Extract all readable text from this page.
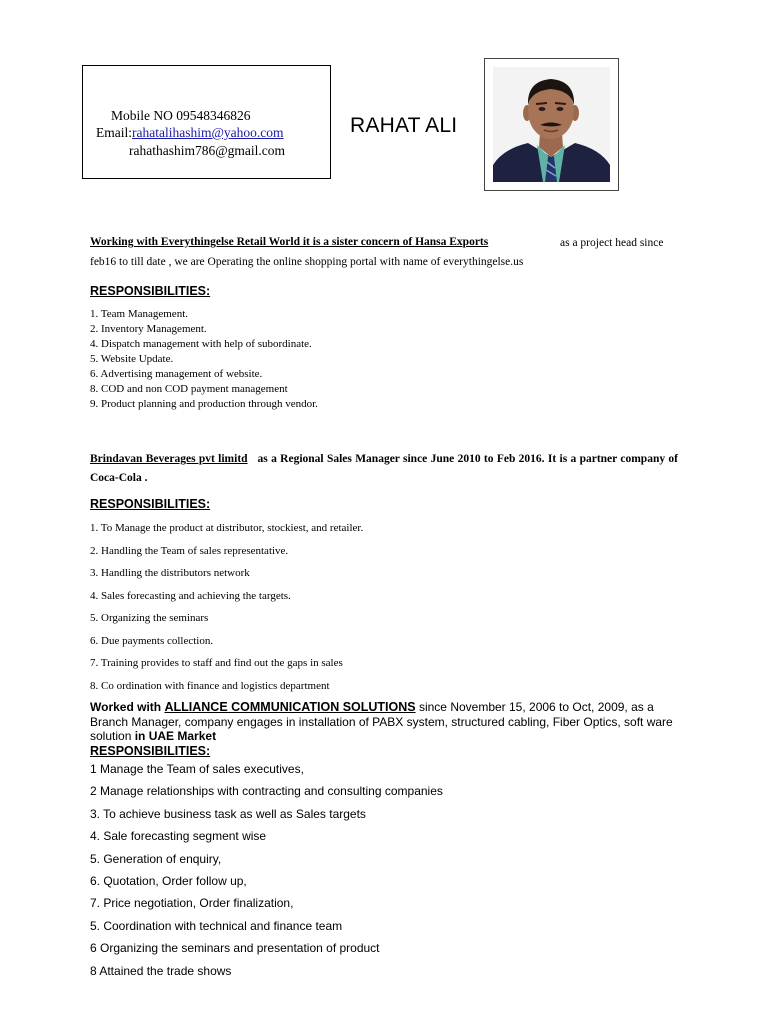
Mobile NO 09548346826
Email:rahatalihashim@yahoo.com
rahathashim786@gmail.com
RAHAT ALI
Working with Everythingelse Retail World it is a sister concern of Hansa Exports	as a project head since
feb16 to till date , we are Operating the online shopping portal with name of everythingelse.us
RESPONSIBILITIES:
1. Team Management.
2. Inventory Management.
4. Dispatch management with help of subordinate.
5. Website Update.
6. Advertising management of website.
8. COD and non COD payment management
9. Product planning and production through vendor.
Brindavan Beverages pvt limitd as a Regional Sales Manager since June 2010 to Feb 2016. It is a partner company of Coca-Cola .
RESPONSIBILITIES:
1. To Manage the product at distributor, stockiest, and retailer.
2. Handling the Team of sales representative.
3. Handling the distributors network
4. Sales forecasting and achieving the targets.
5. Organizing the seminars
6. Due payments collection.
7. Training provides to staff and find out the gaps in sales
8. Co ordination with finance and logistics department
Worked with ALLIANCE COMMUNICATION SOLUTIONS since November 15, 2006 to Oct, 2009, as a Branch Manager, company engages in installation of PABX system, structured cabling, Fiber Optics, soft ware solution in UAE Market
RESPONSIBILITIES:
1 Manage the Team of sales executives,
2 Manage relationships with contracting and consulting companies
3. To achieve business task as well as Sales targets
4. Sale forecasting segment wise
5. Generation of enquiry,
6. Quotation, Order follow up,
7. Price negotiation, Order finalization,
5. Coordination with technical and finance team
6 Organizing the seminars and presentation of product
8 Attained the trade shows
